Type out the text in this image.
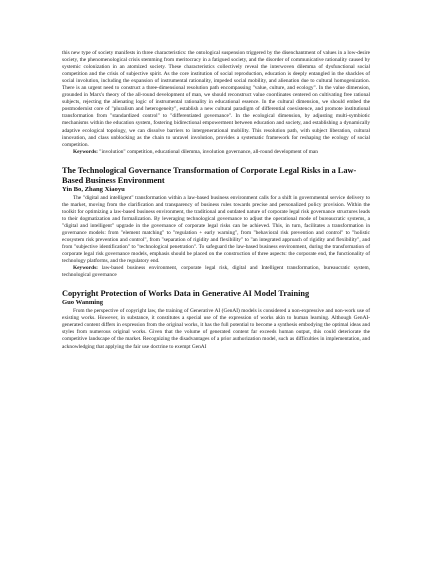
this new type of society manifests in three characteristics: the ontological suspension triggered by the disenchantment of values in a low-desire society, the phenomenological crisis stemming from meritocracy in a fatigued society, and the disorder of communicative rationality caused by systemic colonization in an atomized society. These characteristics collectively reveal the interwoven dilemma of dysfunctional social competition and the crisis of subjective spirit. As the core institution of social reproduction, education is deeply entangled in the shackles of social involution, including the expansion of instrumental rationality, impeded social mobility, and alienation due to cultural homogenization. There is an urgent need to construct a three-dimensional resolution path encompassing "value, culture, and ecology". In the value dimension, grounded in Marx's theory of the all-round development of man, we should reconstruct value coordinates centered on cultivating free rational subjects, rejecting the alienating logic of instrumental rationality in educational essence. In the cultural dimension, we should embed the postmodernist core of "pluralism and heterogeneity", establish a new cultural paradigm of differential coexistence, and promote institutional transformation from "standardized control" to "differentiated governance". In the ecological dimension, by adjusting multi-symbiotic mechanisms within the education system, fostering bidirectional empowerment between education and society, and establishing a dynamically adaptive ecological topology, we can dissolve barriers to intergenerational mobility. This resolution path, with subject liberation, cultural innovation, and class unblocking as the chain to unravel involution, provides a systematic framework for reshaping the ecology of social competition.

Keywords: "involution" competition, educational dilemma, involution governance, all-round development of man

The Technological Governance Transformation of Corporate Legal Risks in a Law-Based Business Environment
Yin Bo, Zhang Xiaoyu

The "digital and intelligent" transformation within a law-based business environment calls for a shift in governmental service delivery to the market, moving from the clarification and transparency of business rules towards precise and personalized policy provision. Within the toolkit for optimizing a law-based business environment, the traditional and outdated nature of corporate legal risk governance structures leads to their dogmatization and formalization. By leveraging technological governance to adjust the operational mode of bureaucratic systems, a "digital and intelligent" upgrade in the governance of corporate legal risks can be achieved. This, in turn, facilitates a transformation in governance models: from "element matching" to "regulation + early warning", from "behavioral risk prevention and control" to "holistic ecosystem risk prevention and control", from "separation of rigidity and flexibility" to "an integrated approach of rigidity and flexibility", and from "subjective identification" to "technological penetration". To safeguard the law-based business environment, during the transformation of corporate legal risk governance models, emphasis should be placed on the construction of three aspects: the corporate end, the functionality of technology platforms, and the regulatory end.

Keywords: law-based business environment, corporate legal risk, digital and Intelligent transformation, bureaucratic system, technological governance

Copyright Protection of Works Data in Generative AI Model Training
Guo Wanming

From the perspective of copyright law, the training of Generative AI (GenAI) models is considered a non-expressive and non-work use of existing works. However, in substance, it constitutes a special use of the expression of works akin to human learning. Although GenAI-generated content differs in expression from the original works, it has the full potential to become a synthesis embodying the optimal ideas and styles from numerous original works. Given that the volume of generated content far exceeds human output, this could deteriorate the competitive landscape of the market. Recognizing the disadvantages of a prior authorization model, such as difficulties in implementation, and acknowledging that applying the fair use doctrine to exempt GenAI
